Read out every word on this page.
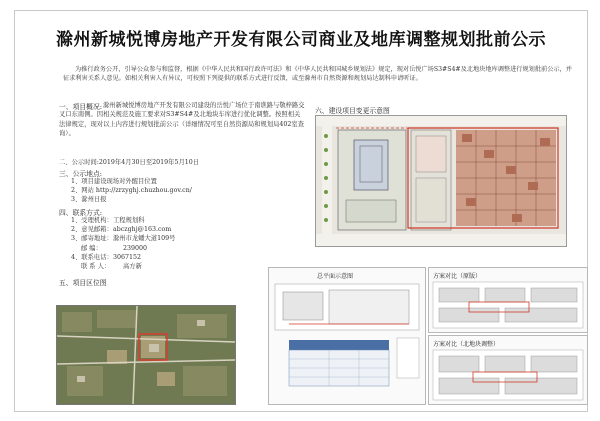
滁州新城悦博房地产开发有限公司商业及地库调整规划批前公示

为推行政务公开，引导公众参与和监督，根据《中华人民共和国行政许可法》和《中华人民共和国城乡规划法》规定，现对岳悦广场S3#S4#及北地块地库调整进行规划批前公示，并征求利害关系人意见。如相关利害人有异议，可按照下列提供的联系方式进行反馈，或至滁州市自然资源和规划局达制科申请听证。

一、项目概况: 滁州新城悦博房地产开发有限公司建设的岳悦广场位于南谯路与敬梓路交叉口东南侧。因相关规范及施工要求对S3#S4#及北地块车库进行优化调整。按照相关法律规定，现对以上内容进行规划批前公示（详细情况可至自然资源局和规划局402室查询）。

二、公示时间:2019年4月30日至2019年5月10日

三、公示地点:

1、项目建设现场对外醒目位置
2、网站 http://zrzyghj.chuzhou.gov.cn/
3、滁州日报

四、联系方式:

1、受理机构： 工程规划科
2、意见邮箱： abczghj@163.com
3、邮寄地址： 滁州市龙蟠大道109号
邮 编：	239000
4、联系电话： 3067152
联 系 人：	高方新

五、项目区位图

六、建设项目变更示意图

总平面示意图	方案对比（原版）

方案对比（北地块调整）
